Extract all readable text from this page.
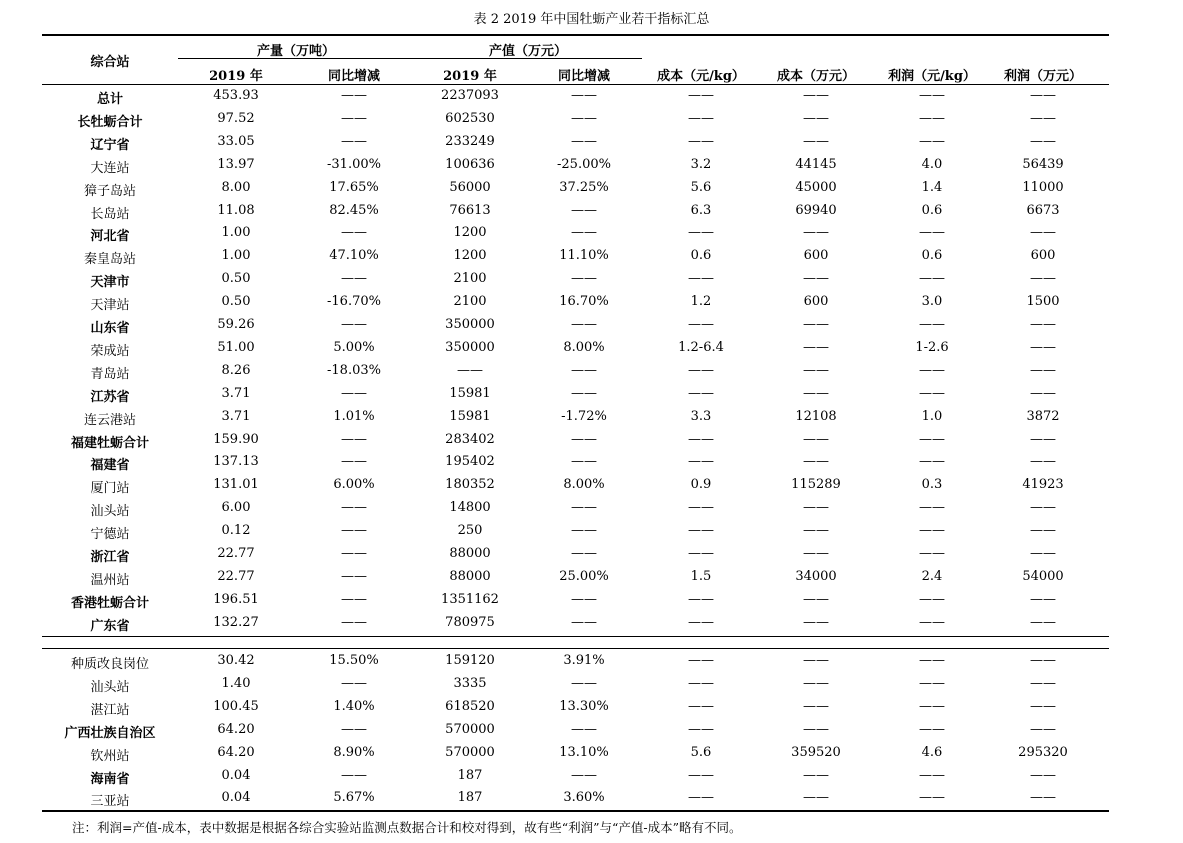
表 2 2019 年中国牡蛎产业若干指标汇总
综合站
产量（万吨）	产值（万元）
2019 年	同比增减	2019 年	同比增减	成本（元/kg）	成本（万元）	利润（元/kg）	利润（万元）
总计	453.93	——	2237093	——	——	——	——	——
长牡蛎合计	97.52	——	602530	——	——	——	——	——
辽宁省	33.05	——	233249	——	——	——	——	——
大连站	13.97	-31.00%	100636	-25.00%	3.2	44145	4.0	56439
獐子岛站	8.00	17.65%	56000	37.25%	5.6	45000	1.4	11000
长岛站	11.08	82.45%	76613	——	6.3	69940	0.6	6673
河北省	1.00	——	1200	——	——	——	——	——
秦皇岛站	1.00	47.10%	1200	11.10%	0.6	600	0.6	600
天津市	0.50	——	2100	——	——	——	——	——
天津站	0.50	-16.70%	2100	16.70%	1.2	600	3.0	1500
山东省	59.26	——	350000	——	——	——	——	——
荣成站	51.00	5.00%	350000	8.00%	1.2-6.4	——	1-2.6	——
青岛站	8.26	-18.03%	——	——	——	——	——	——
江苏省	3.71	——	15981	——	——	——	——	——
连云港站	3.71	1.01%	15981	-1.72%	3.3	12108	1.0	3872
福建牡蛎合计	159.90	——	283402	——	——	——	——	——
福建省	137.13	——	195402	——	——	——	——	——
厦门站	131.01	6.00%	180352	8.00%	0.9	115289	0.3	41923
汕头站	6.00	——	14800	——	——	——	——	——
宁德站	0.12	——	250	——	——	——	——	——
浙江省	22.77	——	88000	——	——	——	——	——
温州站	22.77	——	88000	25.00%	1.5	34000	2.4	54000
香港牡蛎合计	196.51	——	1351162	——	——	——	——	——
广东省	132.27	——	780975	——	——	——	——	——
种质改良岗位	30.42	15.50%	159120	3.91%	——	——	——	——
汕头站	1.40	——	3335	——	——	——	——	——
湛江站	100.45	1.40%	618520	13.30%	——	——	——	——
广西壮族自治区	64.20	——	570000	——	——	——	——	——
钦州站	64.20	8.90%	570000	13.10%	5.6	359520	4.6	295320
海南省	0.04	——	187	——	——	——	——	——
三亚站	0.04	5.67%	187	3.60%	——	——	——	——
注：利润=产值-成本，表中数据是根据各综合实验站监测点数据合计和校对得到，故有些“利润”与“产值-成本”略有不同。
